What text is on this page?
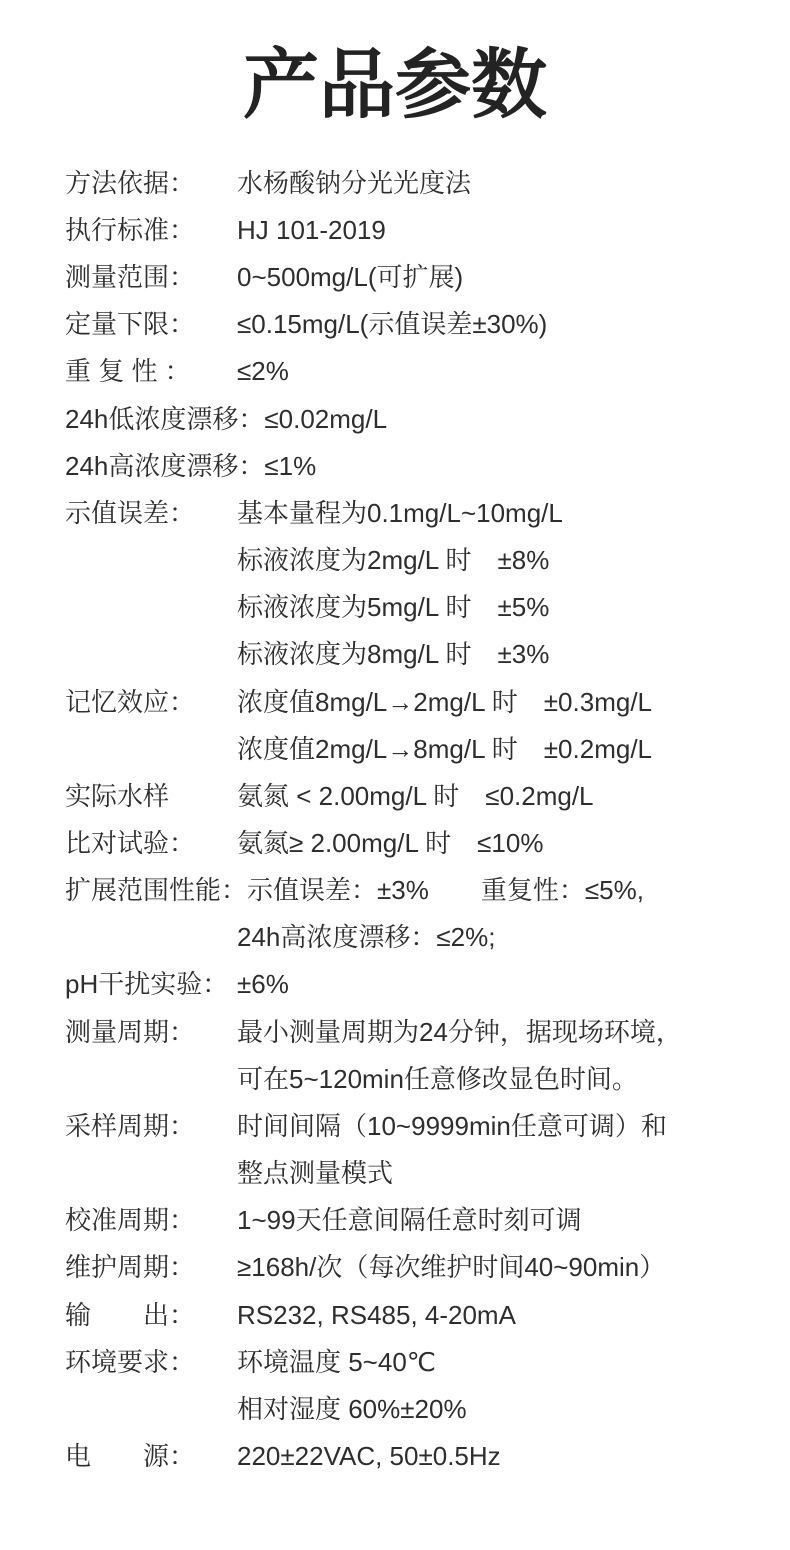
产品参数
方法依据：	水杨酸钠分光光度法
执行标准：	HJ 101-2019
测量范围：	0~500mg/L(可扩展)
定量下限：	≤0.15mg/L(示值误差±30%)
重 复 性 ：	≤2%
24h低浓度漂移： ≤0.02mg/L
24h高浓度漂移： ≤1%
示值误差：	基本量程为0.1mg/L~10mg/L
标液浓度为2mg/L 时　±8%
标液浓度为5mg/L 时　±5%
标液浓度为8mg/L 时　±3%
记忆效应：	浓度值8mg/L→2mg/L 时　±0.3mg/L
浓度值2mg/L→8mg/L 时　±0.2mg/L
实际水样	氨氮 < 2.00mg/L 时　≤0.2mg/L
比对试验：	氨氮≥ 2.00mg/L 时　≤10%
扩展范围性能： 示值误差：±3%　　重复性：≤5%,
24h高浓度漂移：≤2%;
pH干扰实验： ±6%
测量周期：	最小测量周期为24分钟，据现场环境，
可在5~120min任意修改显色时间。
采样周期：	时间间隔（10~9999min任意可调）和
整点测量模式
校准周期：	1~99天任意间隔任意时刻可调
维护周期：	≥168h/次（每次维护时间40~90min）
输　　出：	RS232, RS485, 4-20mA
环境要求：	环境温度 5~40℃
相对湿度 60%±20%
电　　源：	220±22VAC, 50±0.5Hz
